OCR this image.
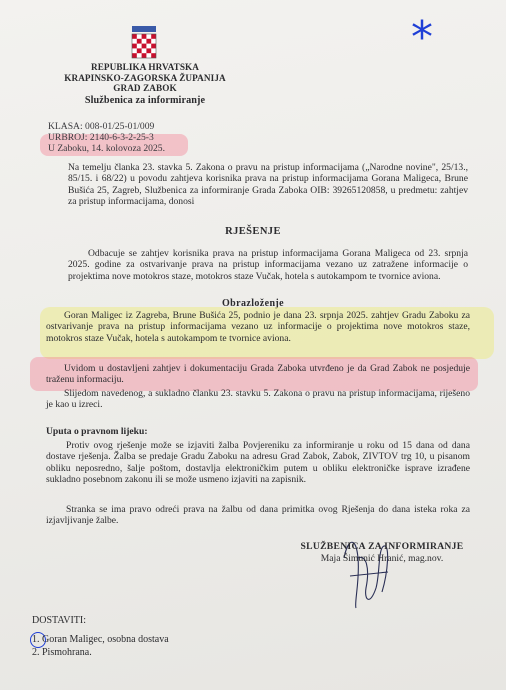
*
REPUBLIKA HRVATSKA
KRAPINSKO-ZAGORSKA ŽUPANIJA
GRAD ZABOK
Službenica za informiranje
KLASA: 008-01/25-01/009
URBROJ: 2140-6-3-2-25-3
U Zaboku, 14. kolovoza 2025.
Na temelju članka 23. stavka 5. Zakona o pravu na pristup informacijama („Narodne novine", 25/13., 85/15. i 68/22) u povodu zahtjeva korisnika prava na pristup informacijama Gorana Maligeca, Brune Bušića 25, Zagreb, Službenica za informiranje Grada Zaboka OIB: 39265120858, u predmetu: zahtjev za pristup informacijama, donosi
RJEŠENJE
Odbacuje se zahtjev korisnika prava na pristup informacijama Gorana Maligeca od 23. srpnja 2025. godine za ostvarivanje prava na pristup informacijama vezano uz zatražene informacije o projektima nove motokros staze, motokros staze Vučak, hotela s autokampom te tvornice aviona.
Obrazloženje
Goran Maligec iz Zagreba, Brune Bušića 25, podnio je dana 23. srpnja 2025. zahtjev Gradu Zaboku za ostvarivanje prava na pristup informacijama vezano uz informacije o projektima nove motokros staze, motokros staze Vučak, hotela s autokampom te tvornice aviona.
Uvidom u dostavljeni zahtjev i dokumentaciju Grada Zaboka utvrđeno je da Grad Zabok ne posjeduje traženu informaciju.
Slijedom navedenog, a sukladno članku 23. stavku 5. Zakona o pravu na pristup informacijama, riješeno je kao u izreci.
Uputa o pravnom lijeku:
Protiv ovog rješenje može se izjaviti žalba Povjereniku za informiranje u roku od 15 dana od dana dostave rješenja. Žalba se predaje Gradu Zaboku na adresu Grad Zabok, Zabok, ZIVTOV trg 10, u pisanom obliku neposredno, šalje poštom, dostavlja elektroničkim putem u obliku elektroničke isprave izrađene sukladno posebnom zakonu ili se može usmeno izjaviti na zapisnik.
Stranka se ima pravo odreći prava na žalbu od dana primitka ovog Rješenja do dana isteka roka za izjavljivanje žalbe.
SLUŽBENICA ZA INFORMIRANJE
Maja Šimunić Hranić, mag.nov.
DOSTAVITI:
1. Goran Maligec, osobna dostava
2. Pismohrana.
